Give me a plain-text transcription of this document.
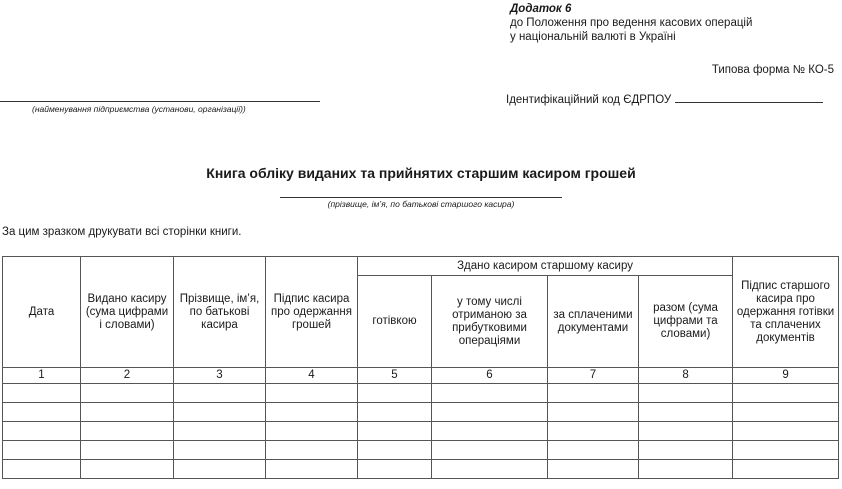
Додаток 6
до Положення про ведення касових операцій
у національній валюті в Україні
Типова форма № КО-5
(найменування підприємства (установи, організації))
Ідентифікаційний код ЄДРПОУ
Книга обліку виданих та прийнятих старшим касиром грошей
(прізвище, ім’я, по батькові старшого касира)
За цим зразком друкувати всі сторінки книги.
Дата	Видано касиру (сума цифрами і словами)	Прізвище, ім’я, по батькові касира	Підпис касира про одержання грошей	Здано касиром старшому касиру				Підпис старшого касира про одержання готівки та сплачених документів
				готівкою	у тому числі отриманою за прибутковими операціями	за сплаченими документами	разом (сума цифрами та словами)	
1	2	3	4	5	6	7	8	9
